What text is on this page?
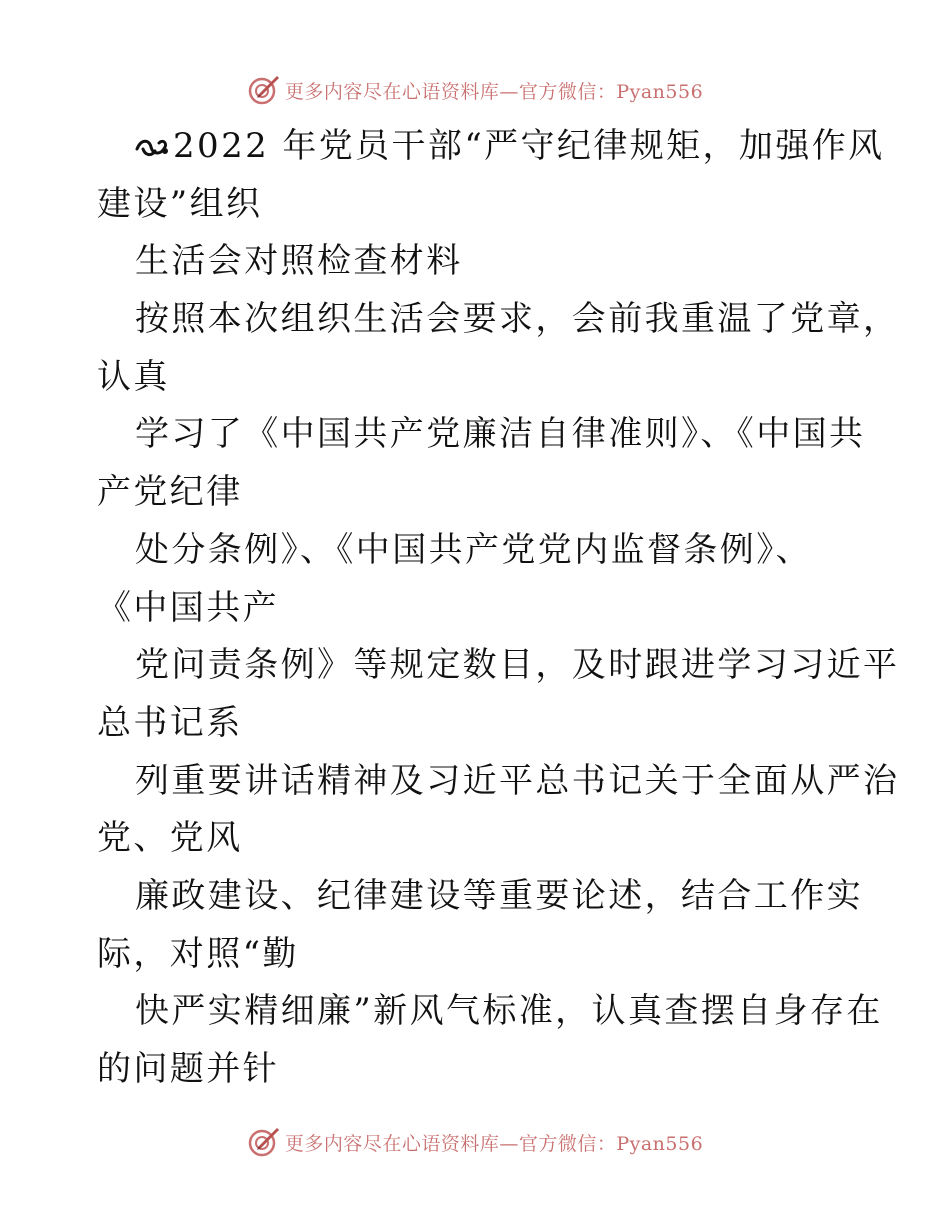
更多内容尽在心语资料库—官方微信：Pyan556
2022 年党员干部“严守纪律规矩，加强作风
建设”组织
生活会对照检查材料
按照本次组织生活会要求，会前我重温了党章，
认真
学习了《中国共产党廉洁自律准则》、《中国共
产党纪律
处分条例》、《中国共产党党内监督条例》、
《中国共产
党问责条例》等规定数目，及时跟进学习习近平
总书记系
列重要讲话精神及习近平总书记关于全面从严治
党、党风
廉政建设、纪律建设等重要论述，结合工作实
际，对照“勤
快严实精细廉”新风气标准，认真查摆自身存在
的问题并针
更多内容尽在心语资料库—官方微信：Pyan556
